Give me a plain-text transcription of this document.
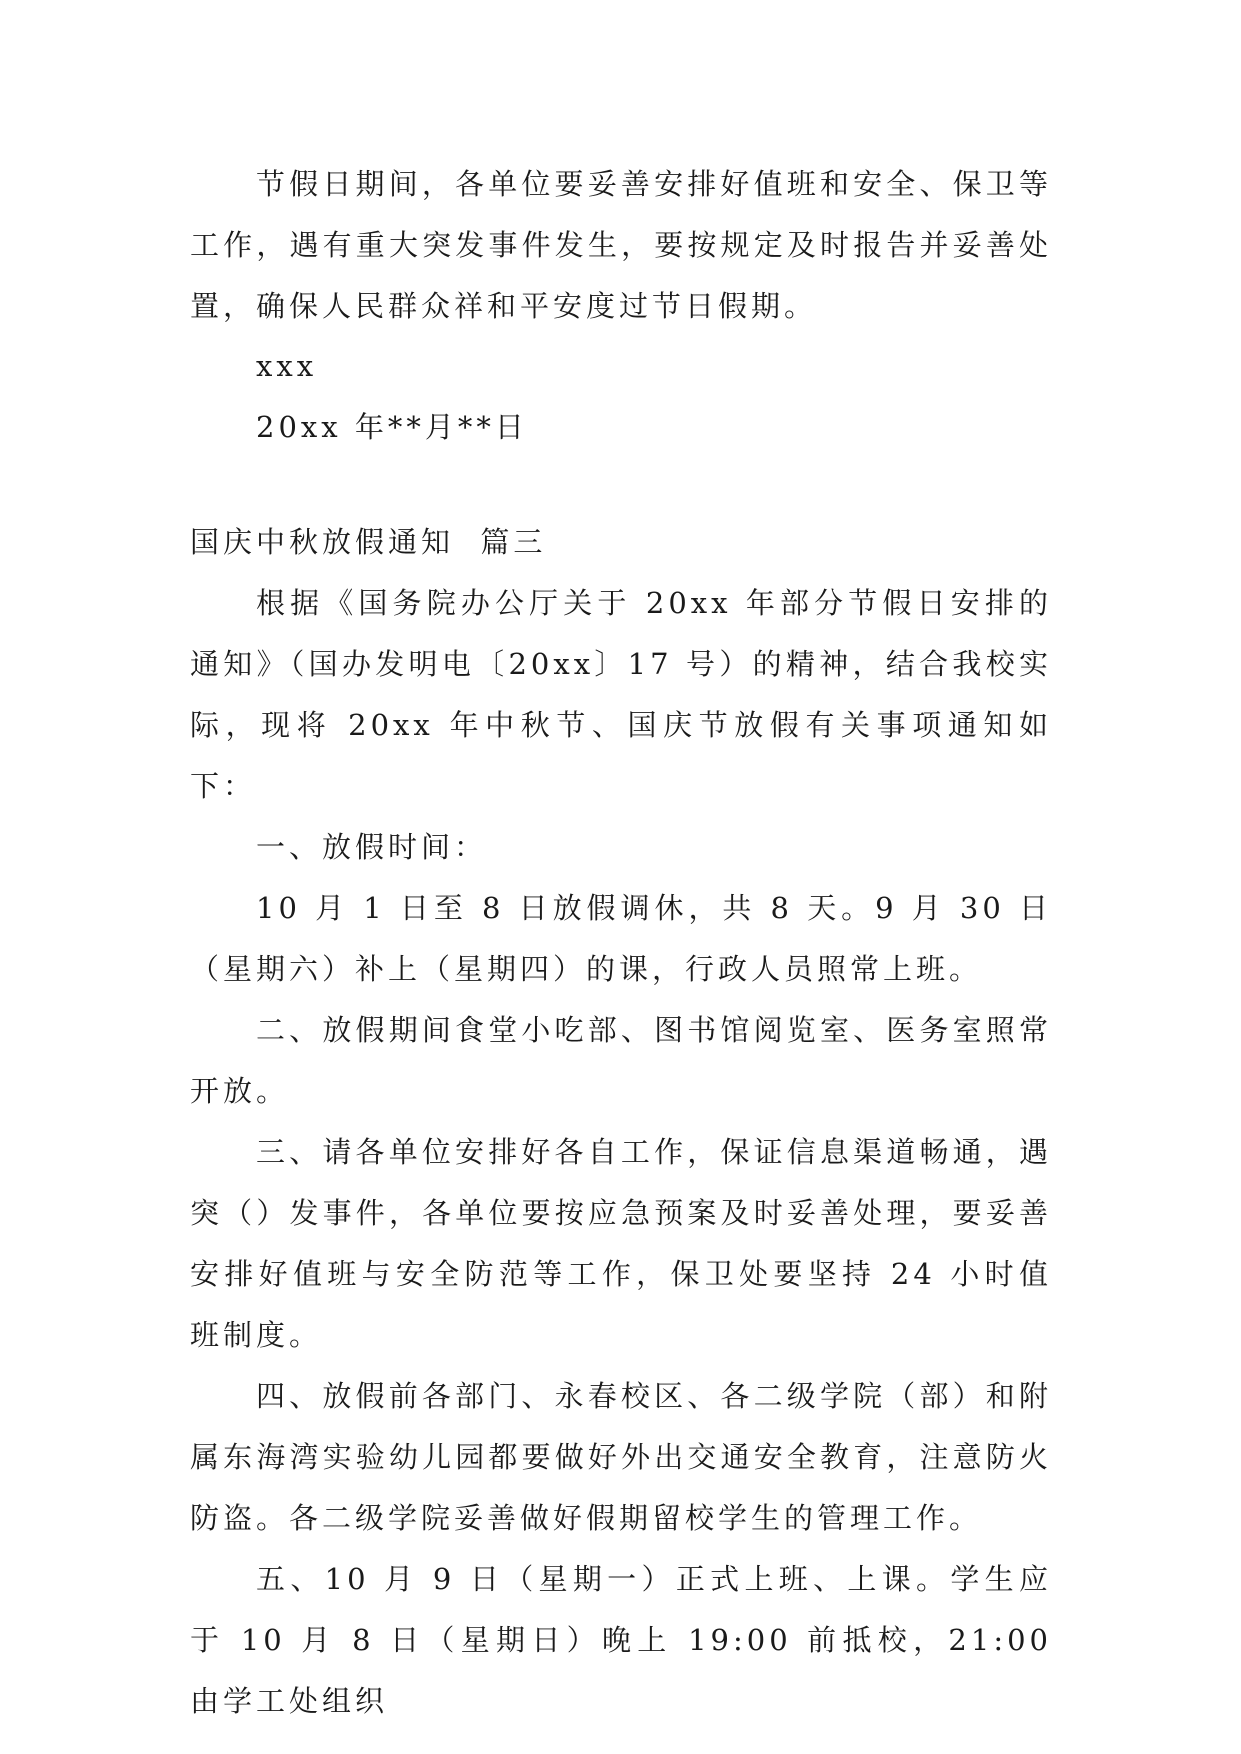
节假日期间，各单位要妥善安排好值班和安全、保卫等工作，遇有重大突发事件发生，要按规定及时报告并妥善处置，确保人民群众祥和平安度过节日假期。

xxx
20xx 年**月**日
国庆中秋放假通知  篇三

根据《国务院办公厅关于 20xx 年部分节假日安排的通知》（国办发明电〔20xx〕17 号）的精神，结合我校实际，现将 20xx 年中秋节、国庆节放假有关事项通知如下：

一、放假时间：

10 月 1 日至 8 日放假调休，共 8 天。9 月 30 日（星期六）补上（星期四）的课，行政人员照常上班。

二、放假期间食堂小吃部、图书馆阅览室、医务室照常开放。

三、请各单位安排好各自工作，保证信息渠道畅通，遇突（）发事件，各单位要按应急预案及时妥善处理，要妥善安排好值班与安全防范等工作，保卫处要坚持 24 小时值班制度。

四、放假前各部门、永春校区、各二级学院（部）和附属东海湾实验幼儿园都要做好外出交通安全教育，注意防火防盗。各二级学院妥善做好假期留校学生的管理工作。

五、10 月 9 日（星期一）正式上班、上课。学生应于 10 月 8 日（星期日）晚上 19:00 前抵校，21:00 由学工处组织
